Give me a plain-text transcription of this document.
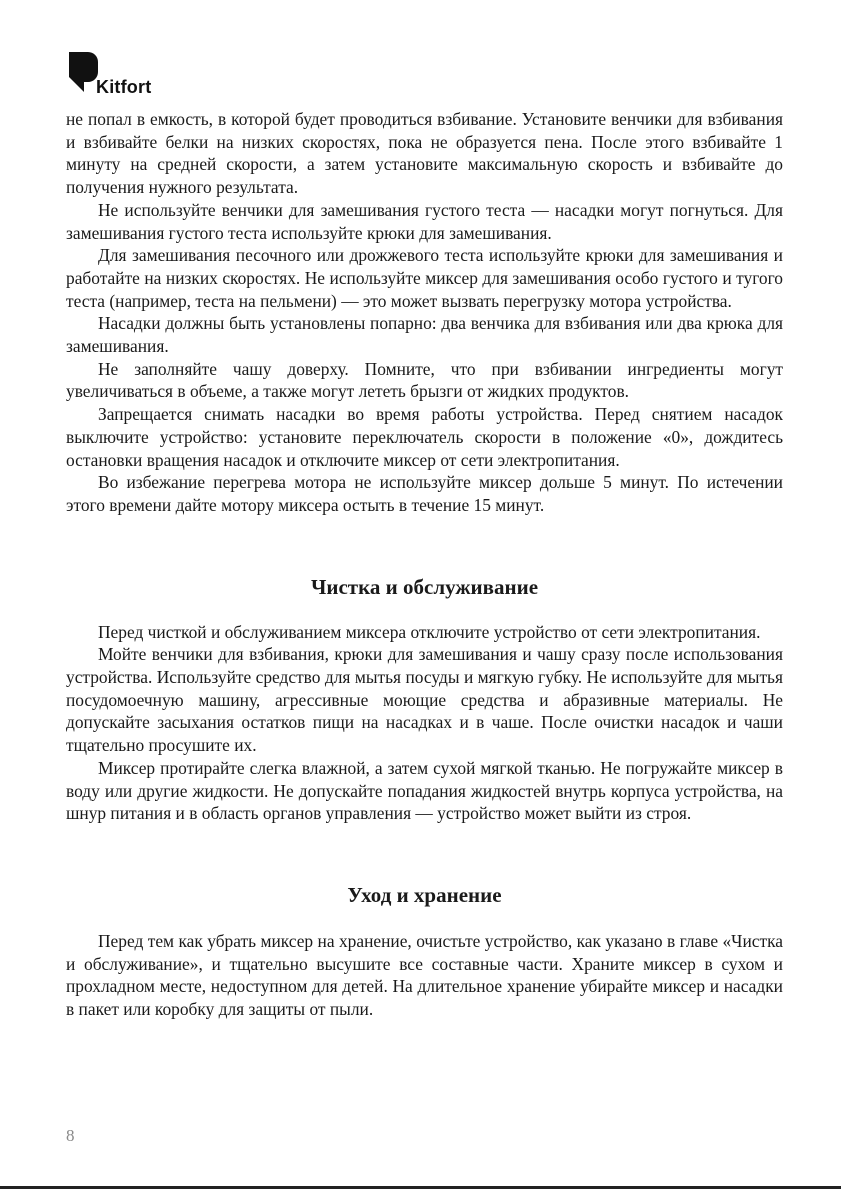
Kitfort

не попал в емкость, в которой будет проводиться взбивание. Установите венчики для взбивания и взбивайте белки на низких скоростях, пока не образуется пена. После этого взбивайте 1 минуту на средней скорости, а затем установите максимальную скорость и взбивайте до получения нужного результата.

Не используйте венчики для замешивания густого теста — насадки могут погнуться. Для замешивания густого теста используйте крюки для замешивания.

Для замешивания песочного или дрожжевого теста используйте крюки для замешивания и работайте на низких скоростях. Не используйте миксер для замешивания особо густого и тугого теста (например, теста на пельмени) — это может вызвать перегрузку мотора устройства.

Насадки должны быть установлены попарно: два венчика для взбивания или два крюка для замешивания.

Не заполняйте чашу доверху. Помните, что при взбивании ингредиенты могут увеличиваться в объеме, а также могут лететь брызги от жидких продуктов.

Запрещается снимать насадки во время работы устройства. Перед снятием насадок выключите устройство: установите переключатель скорости в положение «0», дождитесь остановки вращения насадок и отключите миксер от сети электропитания.

Во избежание перегрева мотора не используйте миксер дольше 5 минут. По истечении этого времени дайте мотору миксера остыть в течение 15 минут.

Чистка и обслуживание

Перед чисткой и обслуживанием миксера отключите устройство от сети электропитания.

Мойте венчики для взбивания, крюки для замешивания и чашу сразу после использования устройства. Используйте средство для мытья посуды и мягкую губку. Не используйте для мытья посудомоечную машину, агрессивные моющие средства и абразивные материалы. Не допускайте засыхания остатков пищи на насадках и в чаше. После очистки насадок и чаши тщательно просушите их.

Миксер протирайте слегка влажной, а затем сухой мягкой тканью. Не погружайте миксер в воду или другие жидкости. Не допускайте попадания жидкостей внутрь корпуса устройства, на шнур питания и в область органов управления — устройство может выйти из строя.

Уход и хранение

Перед тем как убрать миксер на хранение, очистьте устройство, как указано в главе «Чистка и обслуживание», и тщательно высушите все составные части. Храните миксер в сухом и прохладном месте, недоступном для детей. На длительное хранение убирайте миксер и насадки в пакет или коробку для защиты от пыли.

8
